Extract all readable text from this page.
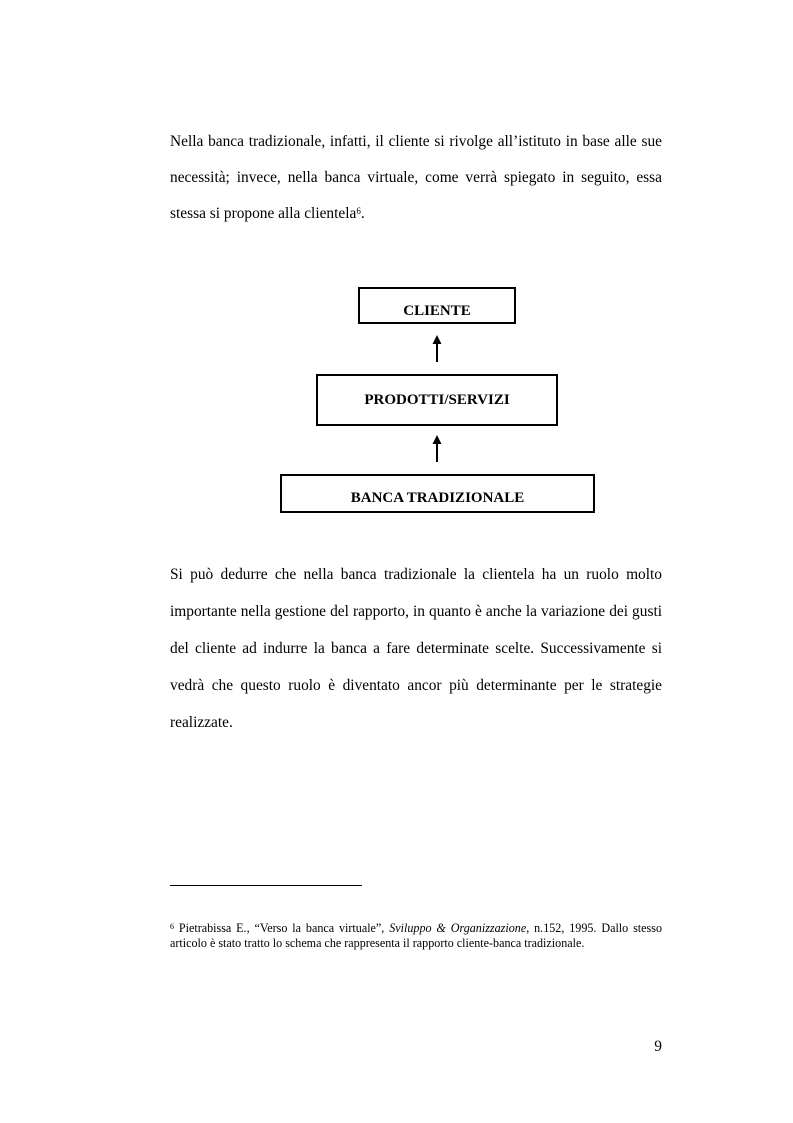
Nella banca tradizionale, infatti, il cliente si rivolge all’istituto in base alle sue necessità; invece, nella banca virtuale, come verrà spiegato in seguito, essa stessa si propone alla clientela$^6$.

CLIENTE
PRODOTTI/SERVIZI
BANCA TRADIZIONALE

Si può dedurre che nella banca tradizionale la clientela ha un ruolo molto importante nella gestione del rapporto, in quanto è anche la variazione dei gusti del cliente ad indurre la banca a fare determinate scelte. Successivamente si vedrà che questo ruolo è diventato ancor più determinante per le strategie realizzate.

$^6$ Pietrabissa E., “Verso la banca virtuale”, Sviluppo & Organizzazione, n.152, 1995. Dallo stesso articolo è stato tratto lo schema che rappresenta il rapporto cliente-banca tradizionale.

9
